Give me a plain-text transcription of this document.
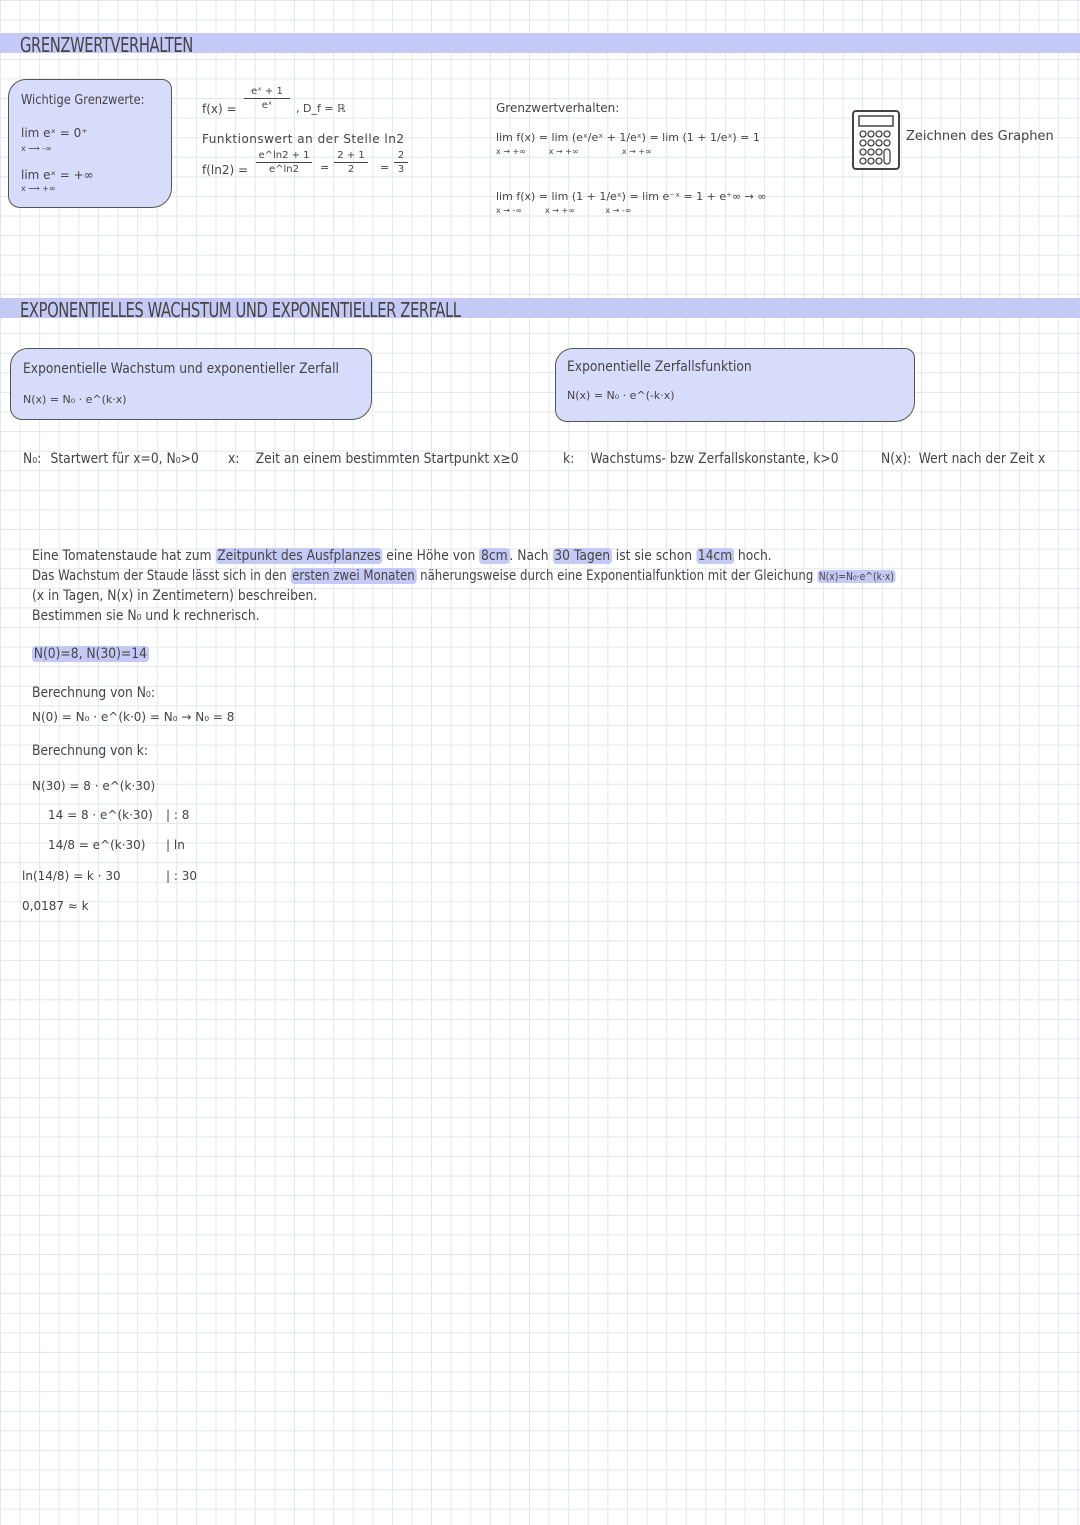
GRENZWERTVERHALTEN
Wichtige Grenzwerte:
lim eˣ = 0⁺
x ⟶ -∞
lim eˣ = +∞
x ⟶ +∞
f(x) =
eˣ + 1
eˣ	, D_f = ℝ
Funktionswert an der Stelle ln2
f(ln2) =
e^ln2 + 1
e^ln2	=
2 + 1
2	=
2
3
Grenzwertverhalten:
lim f(x) = lim (eˣ/eˣ + 1/eˣ) = lim (1 + 1/eˣ) = 1
x → +∞         x → +∞                 x → +∞
lim f(x) = lim (1 + 1/eˣ) = lim e⁻ˣ = 1 + e⁺∞ → ∞
x → -∞         x → +∞            x → -∞
Zeichnen des Graphen
EXPONENTIELLES WACHSTUM UND EXPONENTIELLER ZERFALL
Exponentielle Wachstum und exponentieller Zerfall
N(x) = N₀ · e^(k·x)
Exponentielle Zerfallsfunktion
N(x) = N₀ · e^(-k·x)
N₀: Startwert für x=0, N₀>0 x: Zeit an einem bestimmten Startpunkt x≥0	k: Wachstums- bzw Zerfallskonstante, k>0	N(x): Wert nach der Zeit x
Eine Tomatenstaude hat zum Zeitpunkt des Ausfplanzes eine Höhe von 8cm . Nach 30 Tagen ist sie schon 14cm hoch.
Das Wachstum der Staude lässt sich in den ersten zwei Monaten näherungsweise durch eine Exponentialfunktion mit der Gleichung N(x)=N₀·e^(k·x)
(x in Tagen, N(x) in Zentimetern) beschreiben.
Bestimmen sie N₀ und k rechnerisch.
N(0)=8, N(30)=14
Berechnung von N₀:
N(0) = N₀ · e^(k·0) = N₀ → N₀ = 8
Berechnung von k:
N(30) = 8 · e^(k·30)
14 = 8 · e^(k·30) | : 8
14/8 = e^(k·30) | ln
ln(14/8) = k · 30	| : 30
0,0187 ≈ k
